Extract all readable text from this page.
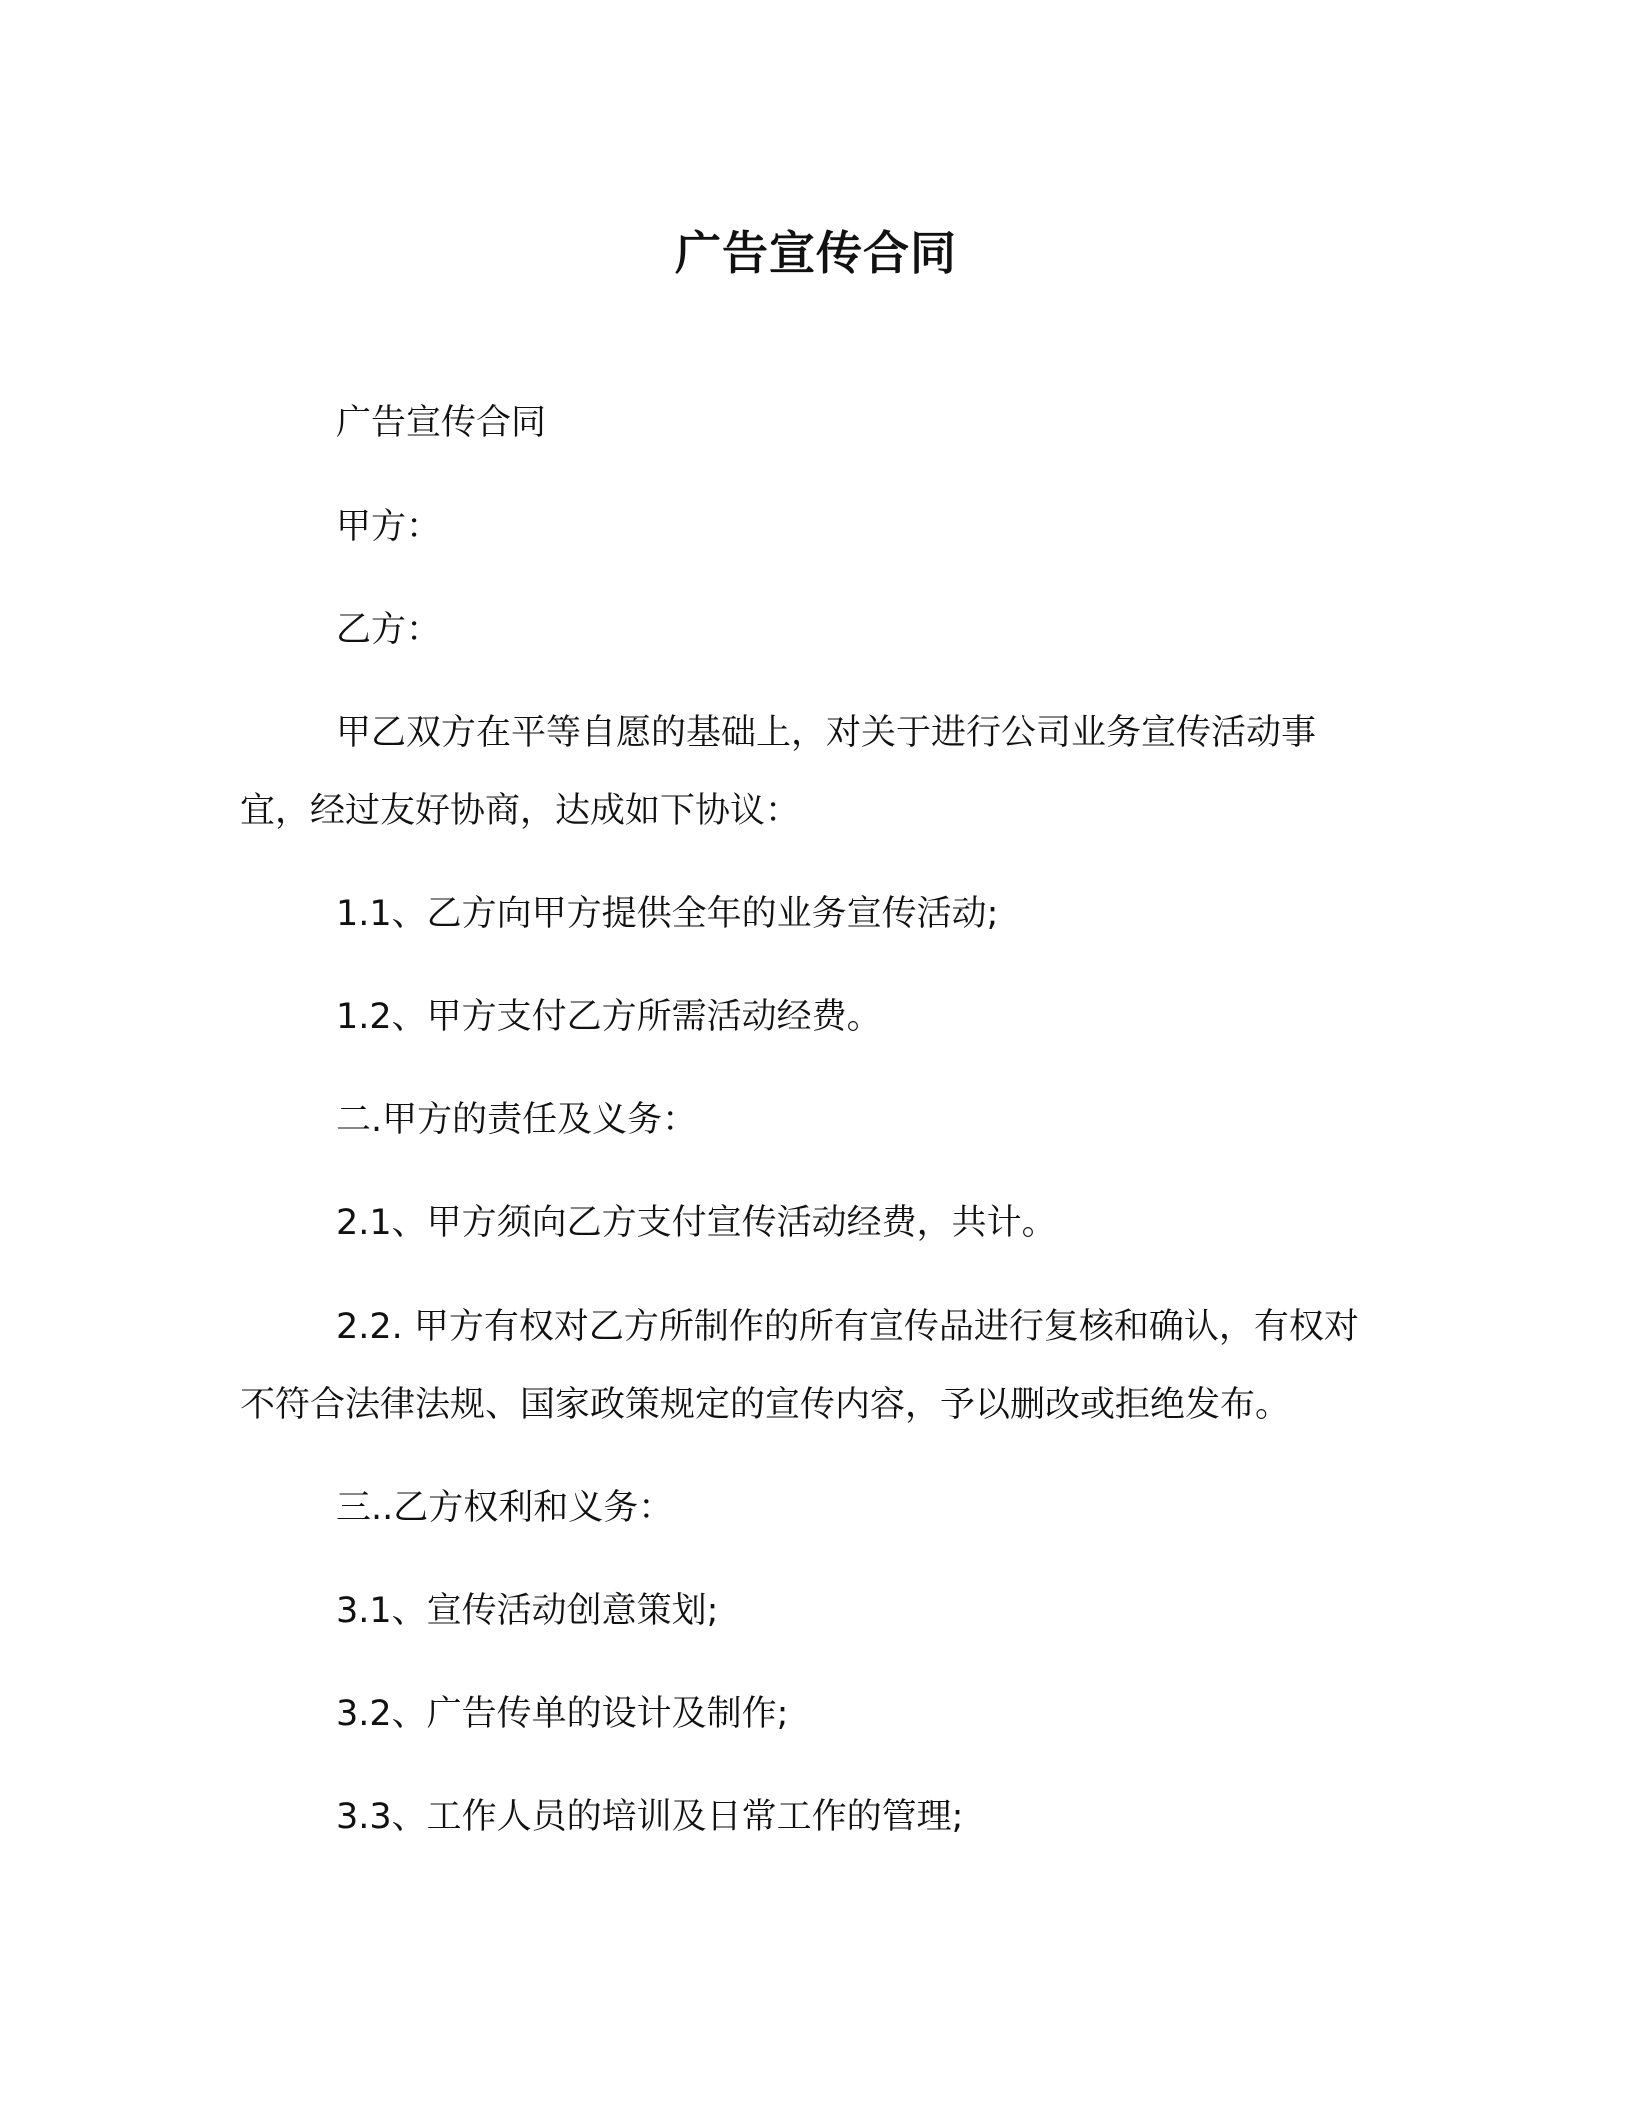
广告宣传合同
广告宣传合同
甲方：
乙方：
甲乙双方在平等自愿的基础上，对关于进行公司业务宣传活动事宜，经过友好协商，达成如下协议：
1.1、乙方向甲方提供全年的业务宣传活动;
1.2、甲方支付乙方所需活动经费。
二.甲方的责任及义务：
2.1、甲方须向乙方支付宣传活动经费，共计。
2.2. 甲方有权对乙方所制作的所有宣传品进行复核和确认，有权对不符合法律法规、国家政策规定的宣传内容，予以删改或拒绝发布。
三..乙方权利和义务：
3.1、宣传活动创意策划;
3.2、广告传单的设计及制作;
3.3、工作人员的培训及日常工作的管理;
